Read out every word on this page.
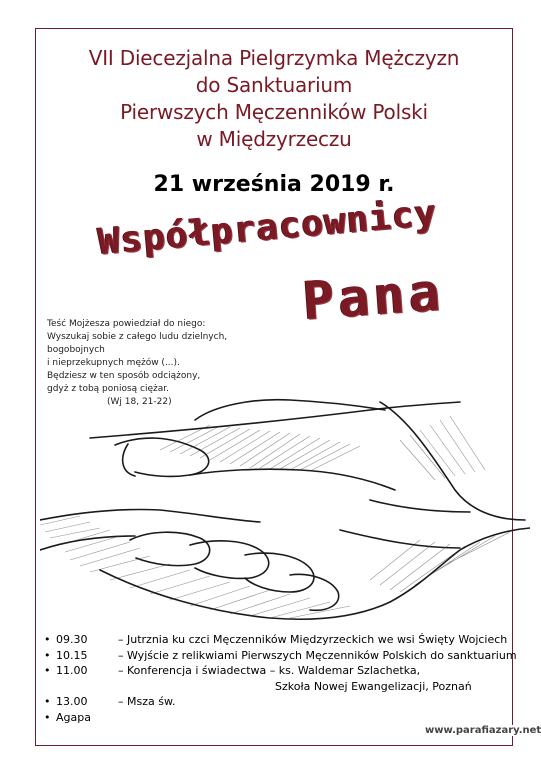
VII Diecezjalna Pielgrzymka Mężczyzn
do Sanktuarium
Pierwszych Męczenników Polski
w Międzyrzeczu
21 września 2019 r.
Współpracownicy
Pana
Teść Mojżesza powiedział do niego:
Wyszukaj sobie z całego ludu dzielnych, bogobojnych
i nieprzekupnych mężów (...).
Będziesz w ten sposób odciążony,
gdyż z tobą poniosą ciężar.
(Wj 18, 21-22)
• 09.30	– Jutrznia ku czci Męczenników Międzyrzeckich we wsi Święty Wojciech
• 10.15	– Wyjście z relikwiami Pierwszych Męczenników Polskich do sanktuarium
• 11.00	– Konferencja i świadectwa – ks. Waldemar Szlachetka,
Szkoła Nowej Ewangelizacji, Poznań
• 13.00	– Msza św.
• Agapa
www.parafiazary.net
